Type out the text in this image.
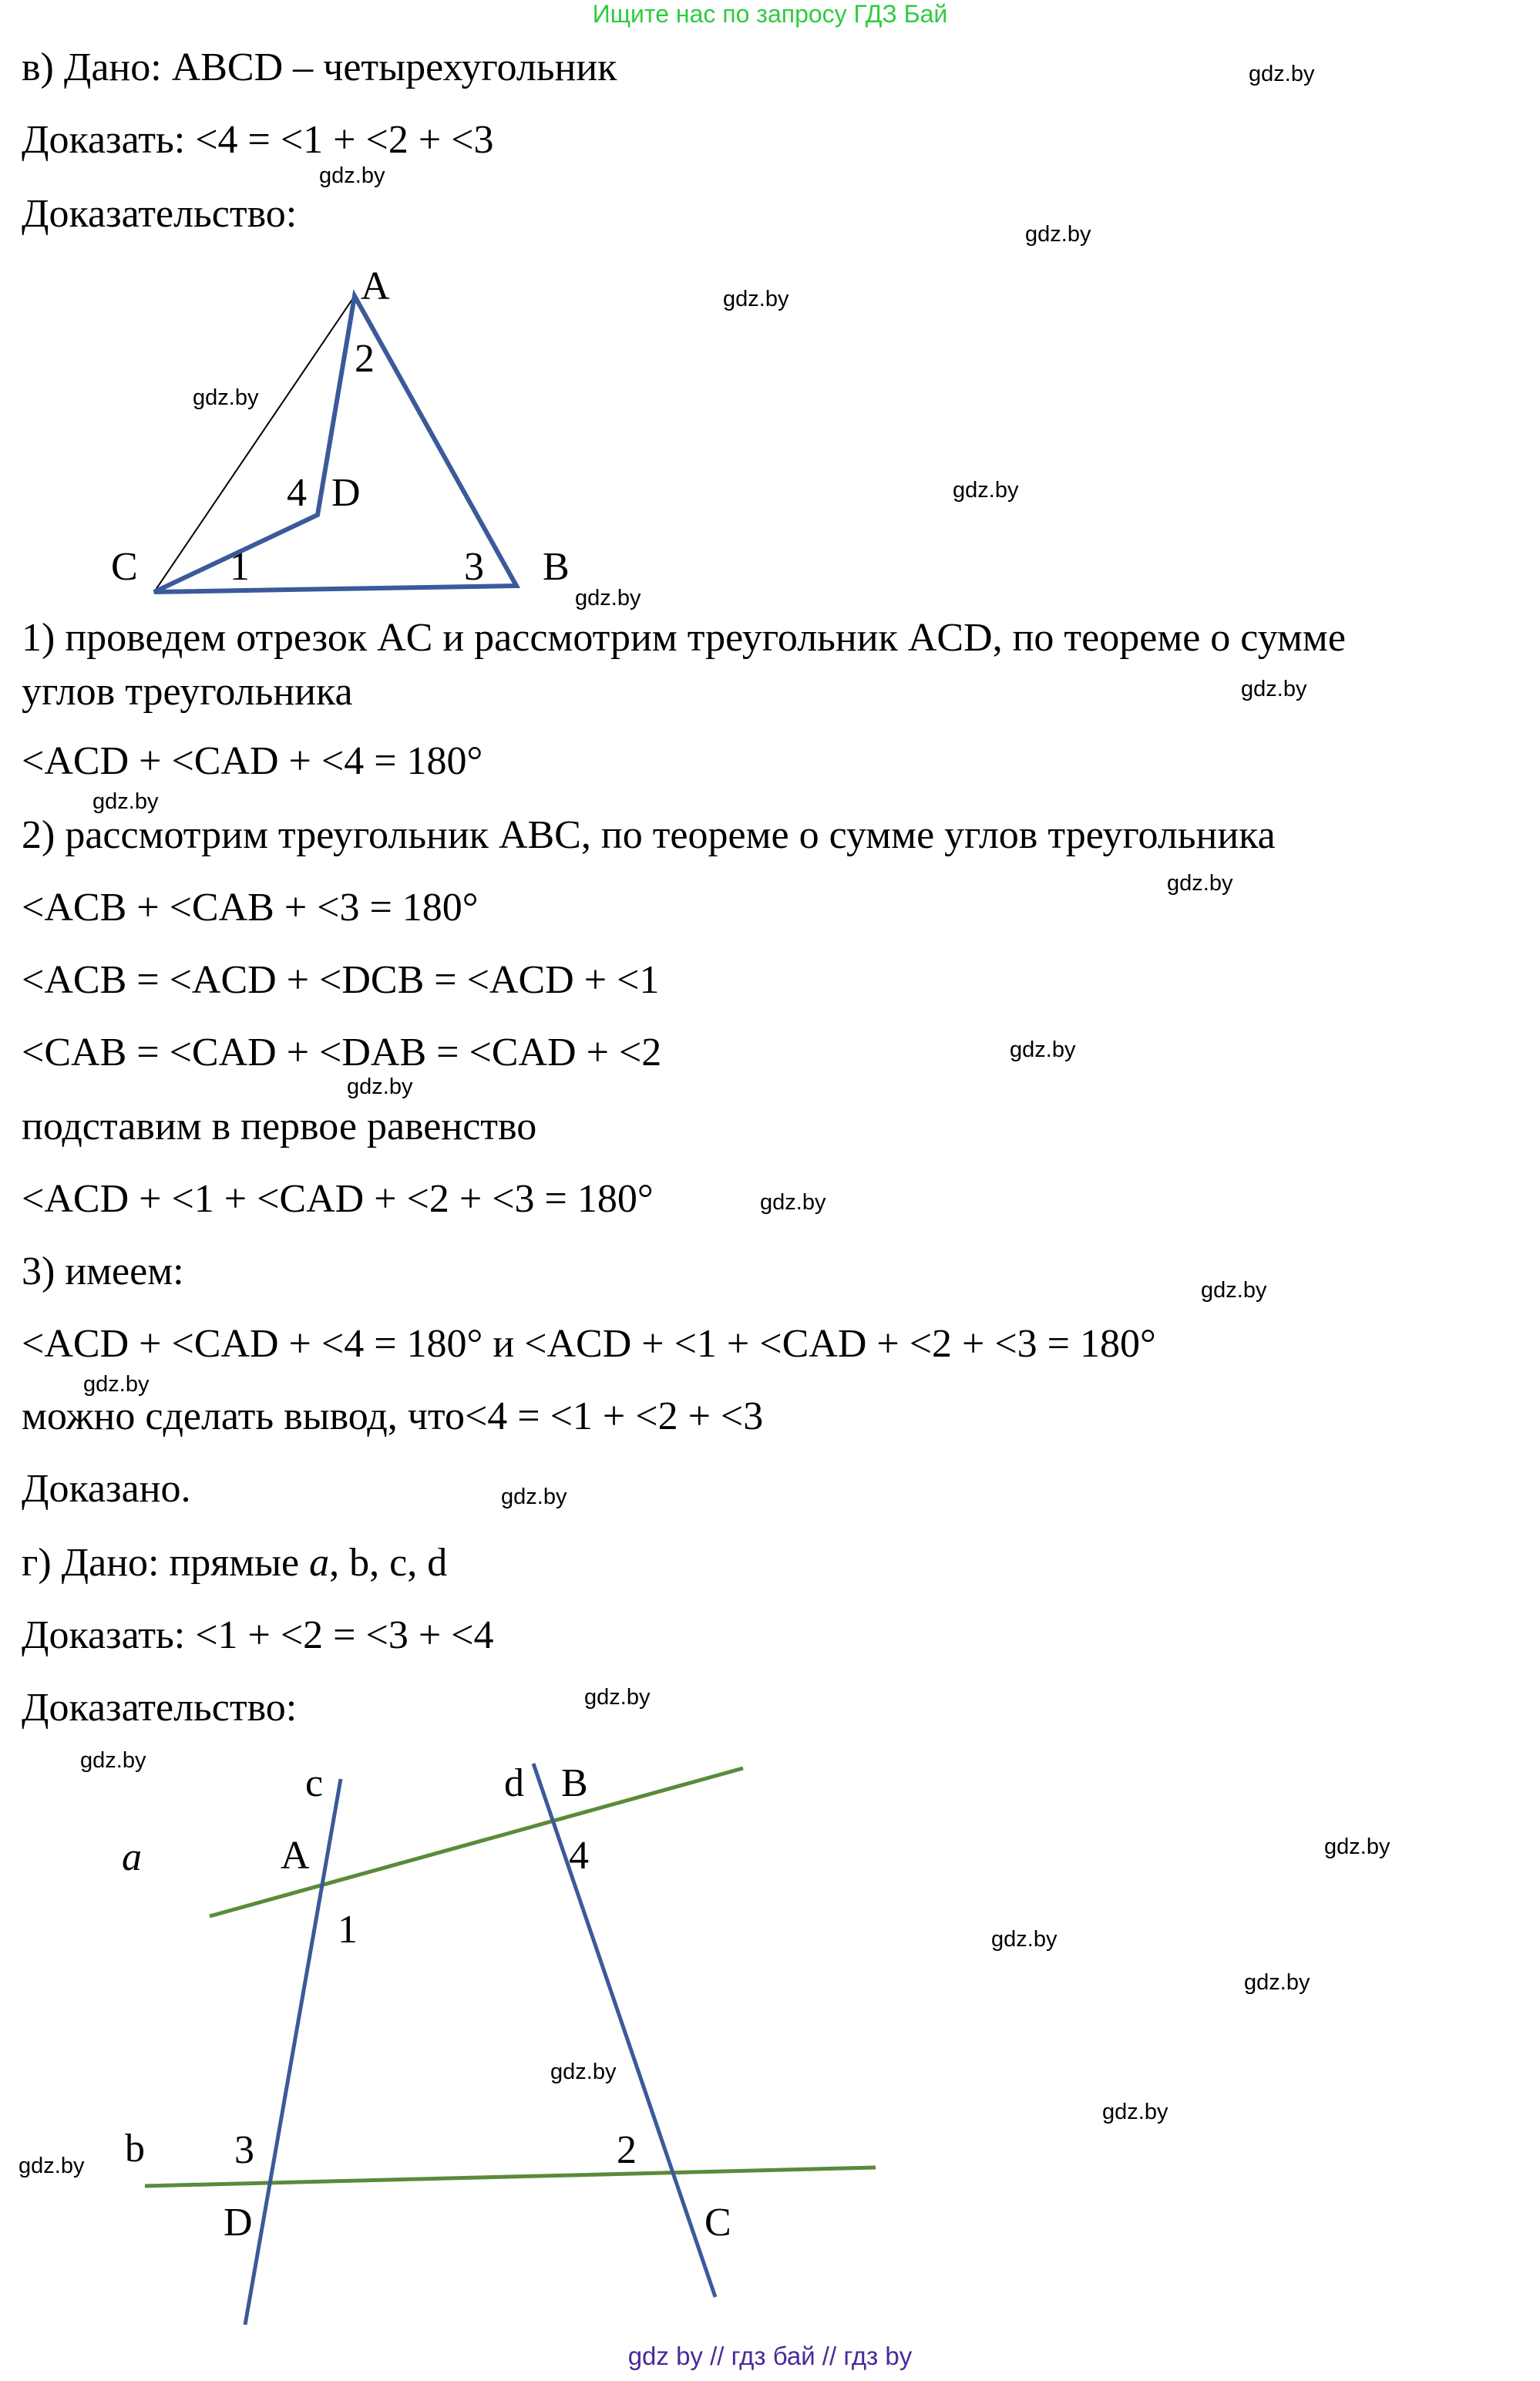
Ищите нас по запросу ГДЗ Бай
в) Дано: ABCD – четырехугольник
Доказать: <4 = <1 + <2 + <3
Доказательство:
A
2
4 D
C 1	3 B
1) проведем отрезок AC и рассмотрим треугольник ACD, по теореме о сумме
углов треугольника
<ACD + <CAD + <4 = 180°
2) рассмотрим треугольник ABC, по теореме о сумме углов треугольника
<ACB + <CAB + <3 = 180°
<ACB = <ACD + <DCB = <ACD + <1
<CAB = <CAD + <DAB = <CAD + <2
подставим в первое равенство
<ACD + <1 + <CAD + <2 + <3 = 180°
3) имеем:
<ACD + <CAD + <4 = 180° и <ACD + <1 + <CAD + <2 + <3 = 180°
можно сделать вывод, что<4 = <1 + <2 + <3
Доказано.
г) Дано: прямые a, b, c, d
Доказать: <1 + <2 = <3 + <4
Доказательство:
c	d B
a	A	4
1
b 3	2
D	C
gdz.by
gdz.by
gdz.by
gdz.by
gdz.by
gdz.by
gdz.by
gdz.by
gdz.by
gdz.by
gdz.by
gdz.by
gdz.by
gdz.by
gdz.by
gdz.by
gdz.by
gdz.by
gdz.by
gdz.by
gdz.by
gdz.by
gdz.by
gdz.by
gdz by // гдз бай // гдз by
